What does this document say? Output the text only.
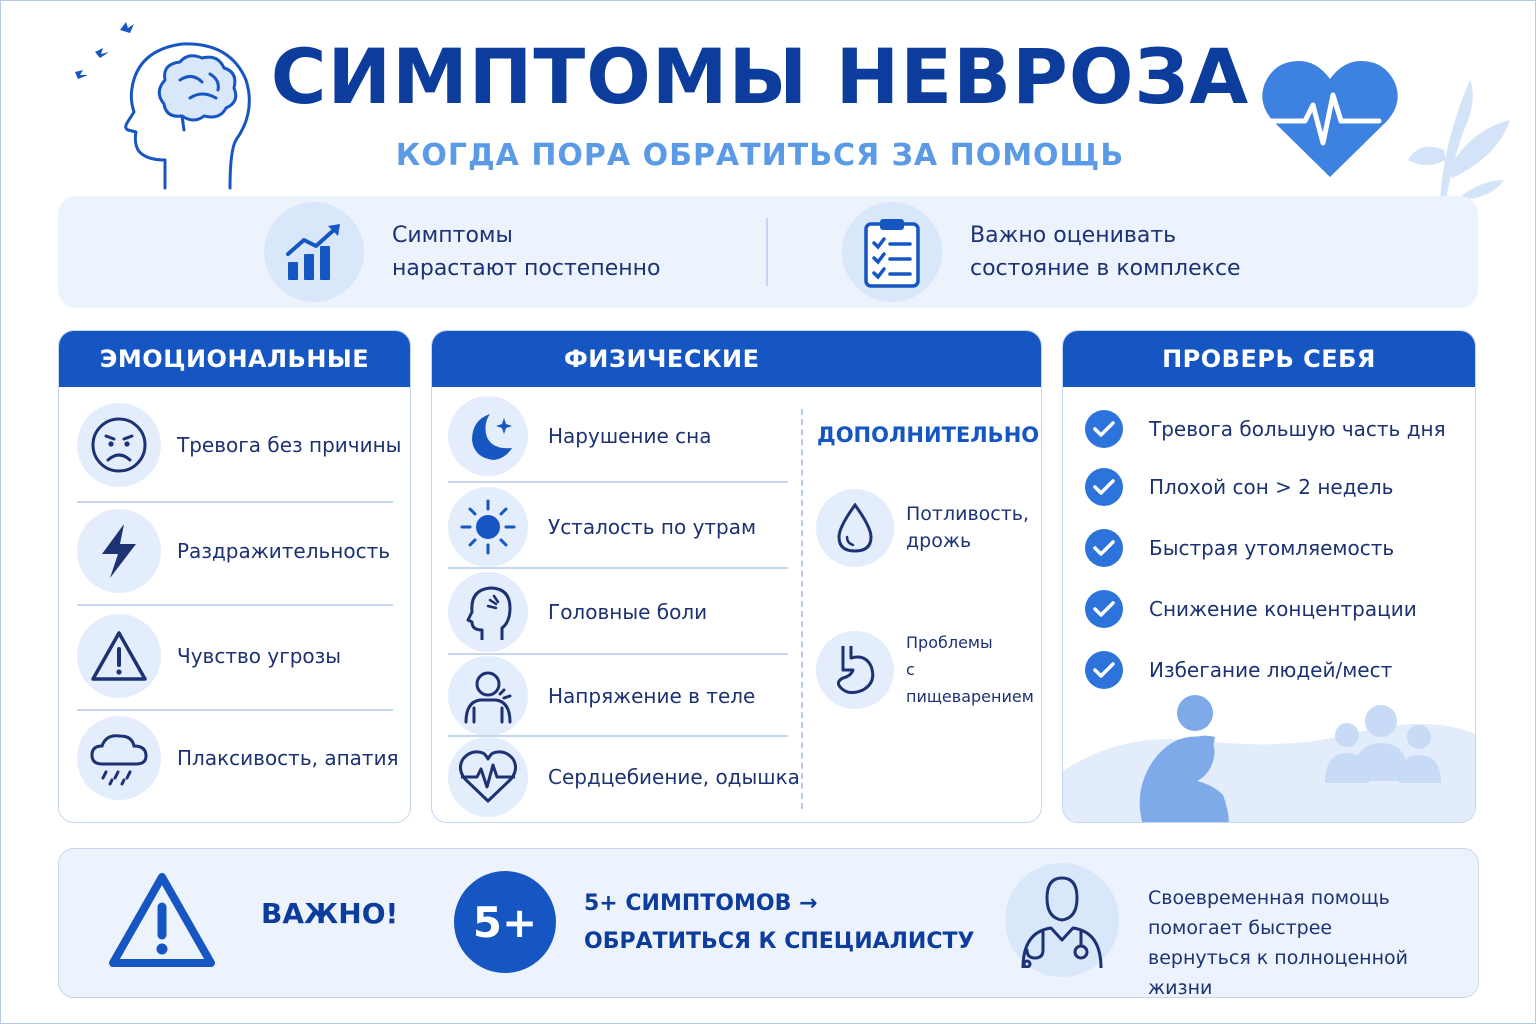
СИМПТОМЫ НЕВРОЗА
КОГДА ПОРА ОБРАТИТЬСЯ ЗА ПОМОЩЬ
Симптомы
нарастают постепенно
Важно оценивать
состояние в комплексе
ЭМОЦИОНАЛЬНЫЕ
Тревога без причины
Раздражительность
Чувство угрозы
Плаксивость, апатия
ФИЗИЧЕСКИЕ
Нарушение сна
Усталость по утрам
Головные боли
Напряжение в теле
Сердцебиение, одышка
ДОПОЛНИТЕЛЬНО
Потливость,
дрожь
Проблемы
с пищеварением
ПРОВЕРЬ СЕБЯ
Тревога большую часть дня
Плохой сон > 2 недель
Быстрая утомляемость
Снижение концентрации
Избегание людей/мест
ВАЖНО!	5+	5+ СИМПТОМОВ →
ОБРАТИТЬСЯ К СПЕЦИАЛИСТУ
Своевременная помощь
помогает быстрее
вернуться к полноценной жизни
